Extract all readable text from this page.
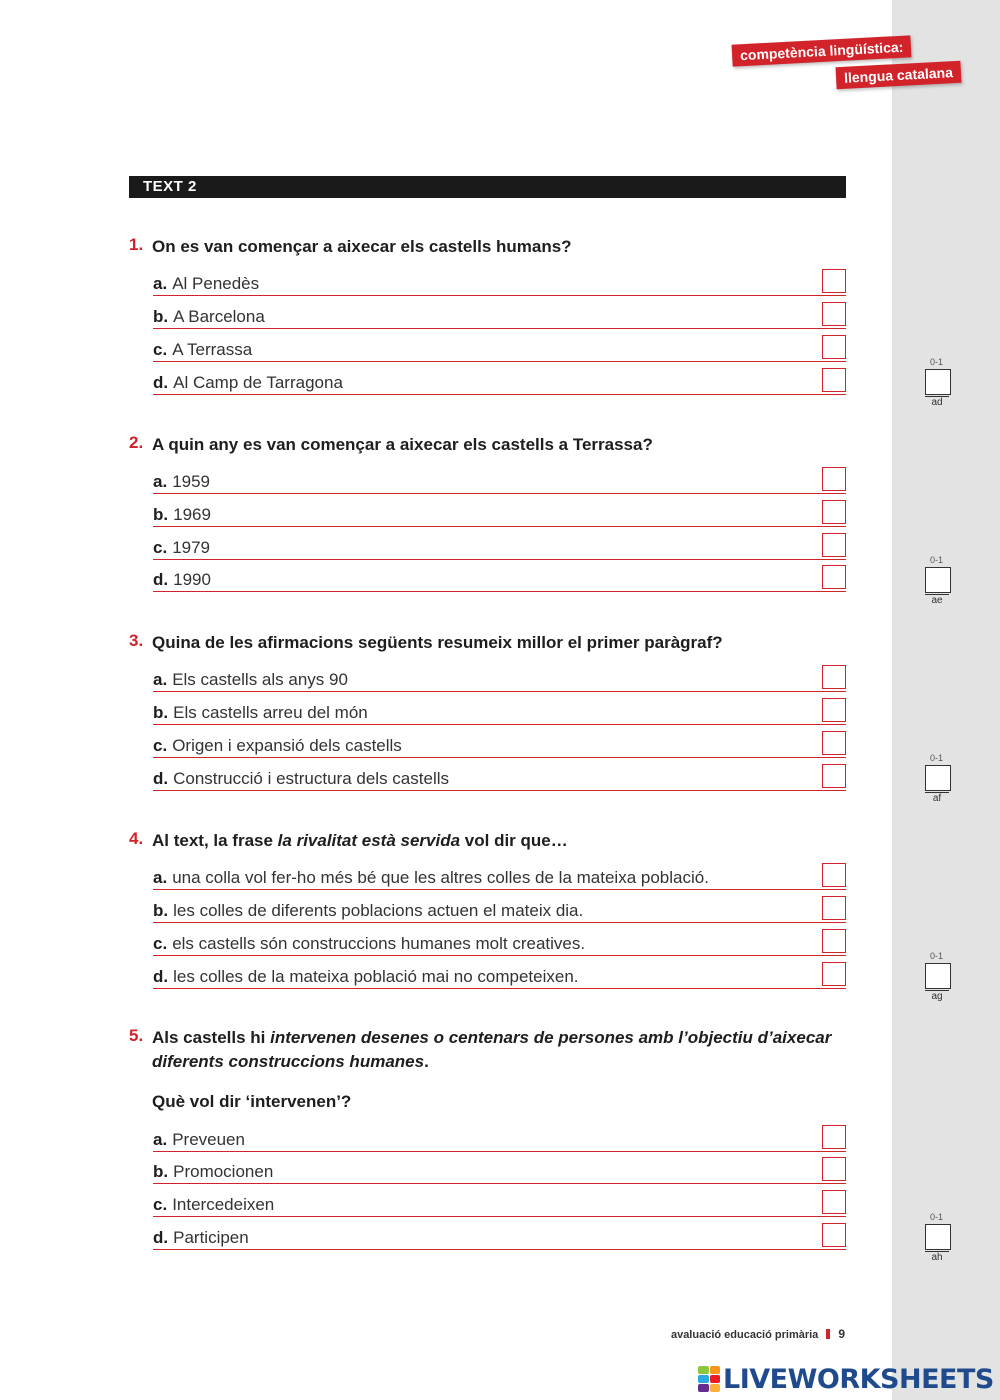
competència lingüística:
llengua catalana
TEXT 2
1. On es van començar a aixecar els castells humans?
a. Al Penedès
b. A Barcelona
c. A Terrassa
d. Al Camp de Tarragona
0-1
ad
2. A quin any es van començar a aixecar els castells a Terrassa?
a. 1959
b. 1969
c. 1979
d. 1990
0-1
ae
3. Quina de les afirmacions següents resumeix millor el primer paràgraf?
a. Els castells als anys 90
b. Els castells arreu del món
c. Origen i expansió dels castells
d. Construcció i estructura dels castells
0-1
af
4. Al text, la frase la rivalitat està servida vol dir que…
a. una colla vol fer-ho més bé que les altres colles de la mateixa població.
b. les colles de diferents poblacions actuen el mateix dia.
c. els castells són construccions humanes molt creatives.
d. les colles de la mateixa població mai no competeixen.
0-1
ag
5. Als castells hi intervenen desenes o centenars de persones amb l’objectiu d’aixecar diferents construccions humanes.
Què vol dir ‘intervenen’?
a. Preveuen
b. Promocionen
c. Intercedeixen
d. Participen
0-1
ah
avaluació educació primària 9
LIVEWORKSHEETS
